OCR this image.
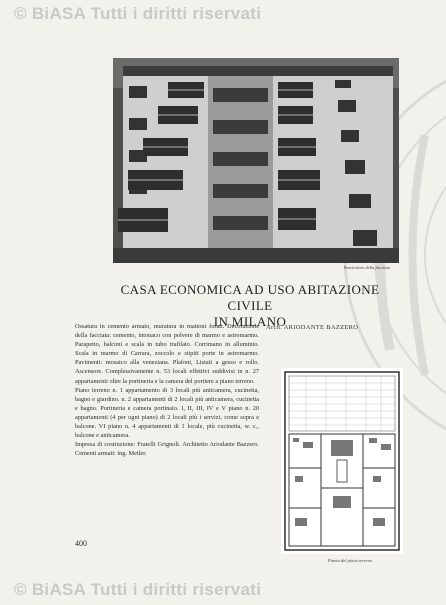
© BiASA Tutti i diritti riservati
Particolare della facciata
CASA ECONOMICA AD USO ABITAZIONE CIVILE
IN MILANO
Arch. ARIODANTE BAZZERO

Ossatura in cemento armato, muratura in mattoni forati. Decorazione della facciata: cemento, intonaco con polvere di marmo e astromarmo. Parapetto, balconi e scala in tubo trafilato. Corrimano in alluminio. Scala in marmo di Carrara, zoccolo e stipiti porte in astromarmo. Pavimenti: mosaico alla veneziana. Plafoni, Listati a gesso e rollo. Ascensore. Complessivamente n. 53 locali effettivi suddivisi in n. 27 appartamenti oltre la portineria e la camera del portiere a piano terreno.

Piano terreno n. 1 appartamento di 3 locali più anticamera, cucinetta, bagno e giardino. n. 2 appartamenti di 2 locali più anticamera, cucinetta e bagno. Portineria e camera portinaio. I, II, III, IV e V piano n. 20 appartamenti (4 per ogni piano) di 2 locali più i servizi, come sopra e balcone. VI piano n. 4 appartamenti di 1 locale, più cucinetta, w. c., balcone e anticamera.

Impresa di costruzione: Fratelli Grignoli. Architetto Ariodante Bazzero. Cementi armati: ing. Metler.

Pianta del piano terreno
400
© BiASA Tutti i diritti riservati
